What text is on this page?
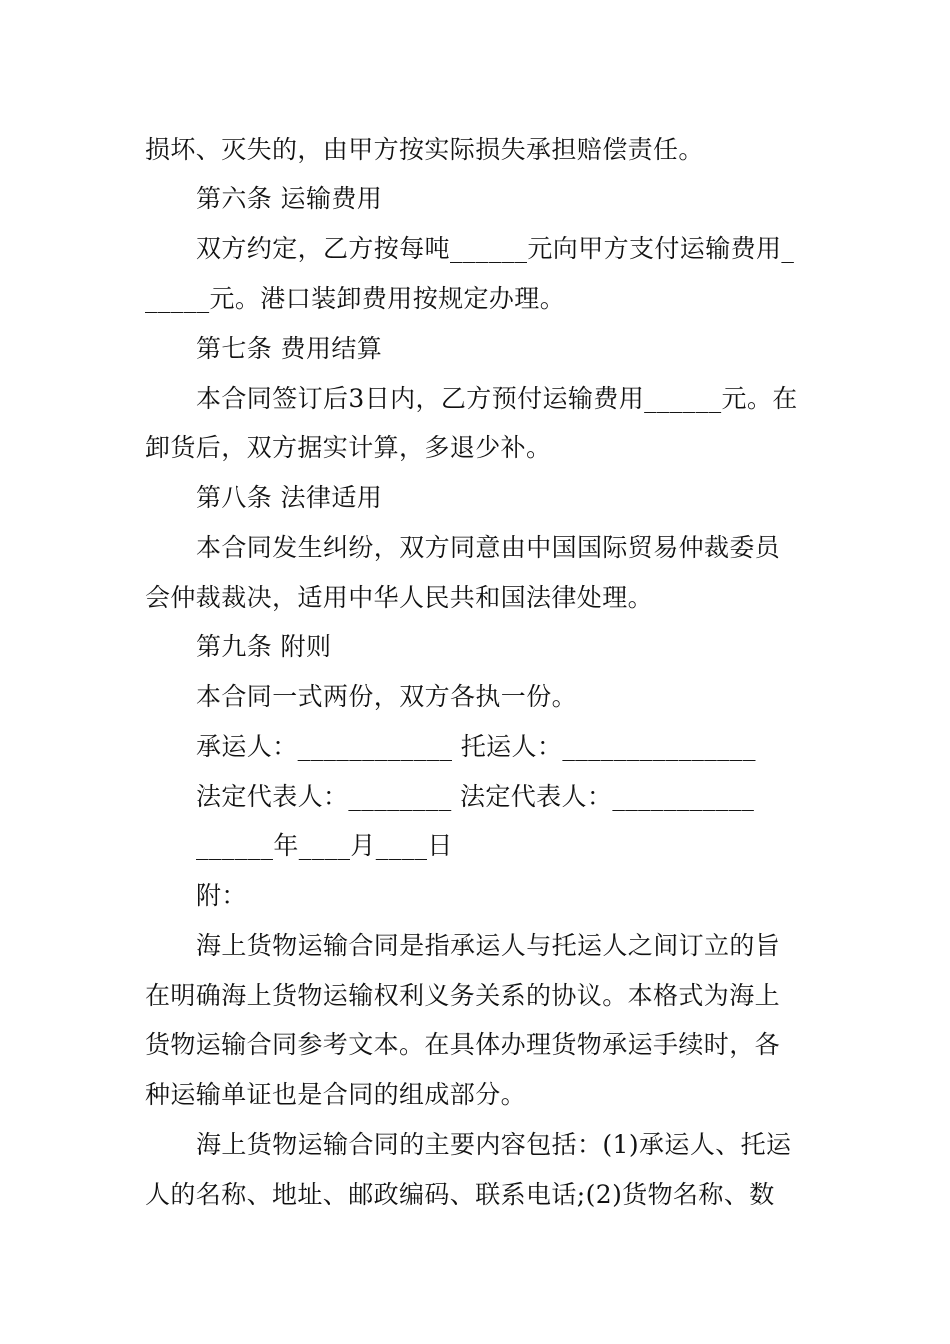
损坏、灭失的，由甲方按实际损失承担赔偿责任。
第六条 运输费用
双方约定，乙方按每吨______元向甲方支付运输费用_
_____元。港口装卸费用按规定办理。
第七条 费用结算
本合同签订后3日内，乙方预付运输费用______元。在
卸货后，双方据实计算，多退少补。
第八条 法律适用
本合同发生纠纷，双方同意由中国国际贸易仲裁委员
会仲裁裁决，适用中华人民共和国法律处理。
第九条 附则
本合同一式两份，双方各执一份。
承运人：____________ 托运人：_______________
法定代表人：________ 法定代表人：___________
______年____月____日
附：
海上货物运输合同是指承运人与托运人之间订立的旨
在明确海上货物运输权利义务关系的协议。本格式为海上
货物运输合同参考文本。在具体办理货物承运手续时，各
种运输单证也是合同的组成部分。
海上货物运输合同的主要内容包括：(1)承运人、托运
人的名称、地址、邮政编码、联系电话;(2)货物名称、数
